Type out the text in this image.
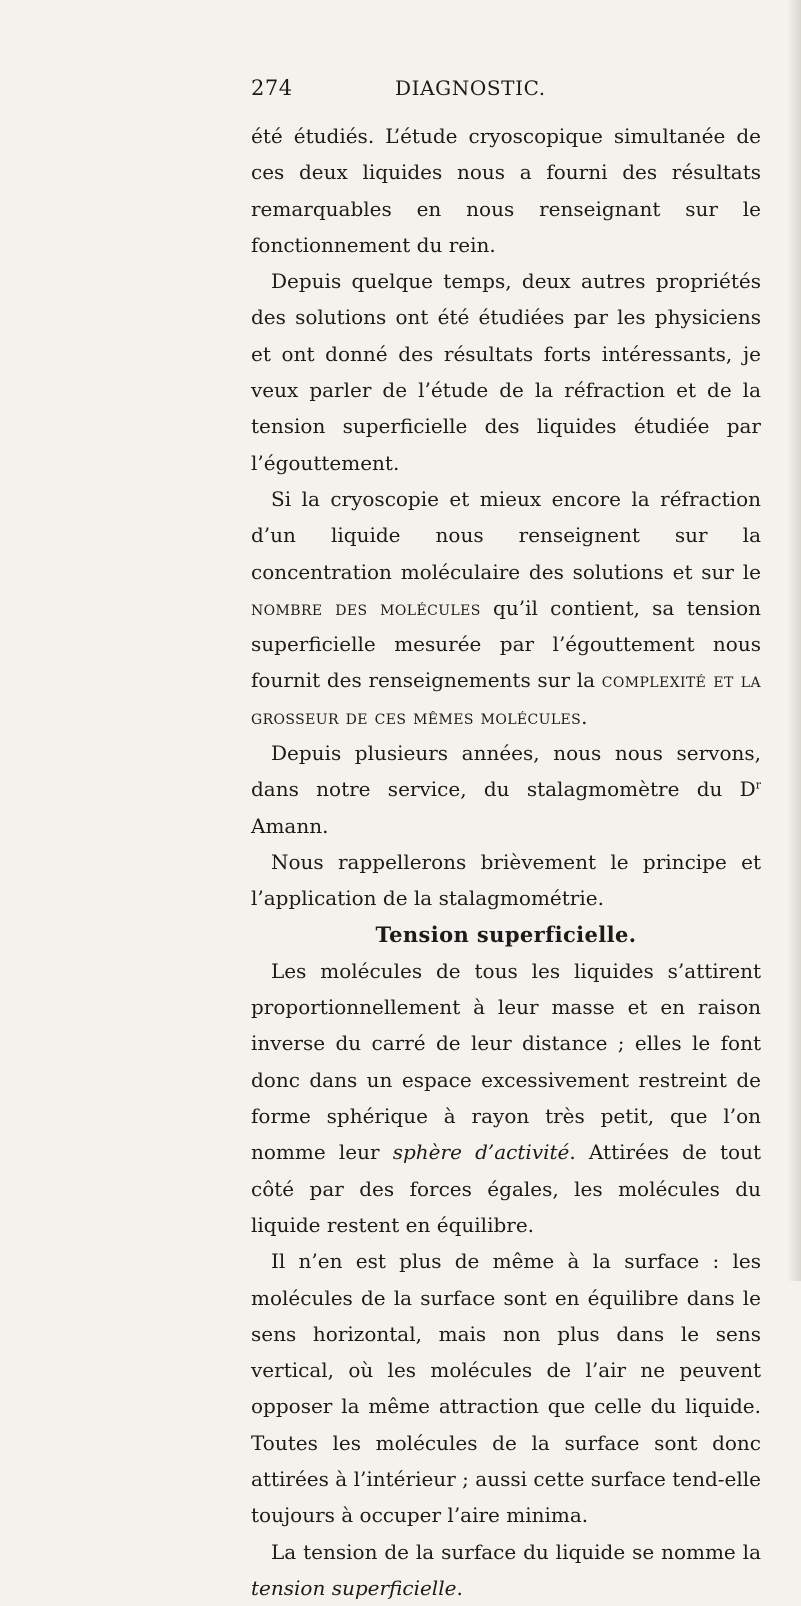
274	DIAGNOSTIC.

été étudiés. L’étude cryoscopique simultanée de ces deux liquides nous a fourni des résultats remarquables en nous renseignant sur le fonctionnement du rein.

Depuis quelque temps, deux autres propriétés des solutions ont été étudiées par les physiciens et ont donné des résultats forts intéressants, je veux parler de l’étude de la réfraction et de la tension superficielle des liquides étudiée par l’égouttement.

Si la cryoscopie et mieux encore la réfraction d’un liquide nous renseignent sur la concentration moléculaire des solutions et sur le nombre des molécules qu’il contient, sa tension superficielle mesurée par l’égouttement nous fournit des renseignements sur la complexité et la grosseur de ces mêmes molécules.

Depuis plusieurs années, nous nous servons, dans notre service, du stalagmomètre du $D^r$ Amann.

Nous rappellerons brièvement le principe et l’application de la stalagmométrie.

Tension superficielle.

Les molécules de tous les liquides s’attirent proportionnellement à leur masse et en raison inverse du carré de leur distance ; elles le font donc dans un espace excessivement restreint de forme sphérique à rayon très petit, que l’on nomme leur sphère d’activité. Attirées de tout côté par des forces égales, les molécules du liquide restent en équilibre.

Il n’en est plus de même à la surface : les molécules de la surface sont en équilibre dans le sens horizontal, mais non plus dans le sens vertical, où les molécules de l’air ne peuvent opposer la même attraction que celle du liquide. Toutes les molécules de la surface sont donc attirées à l’intérieur ; aussi cette surface tend-elle toujours à occuper l’aire minima.

La tension de la surface du liquide se nomme la tension superficielle.
